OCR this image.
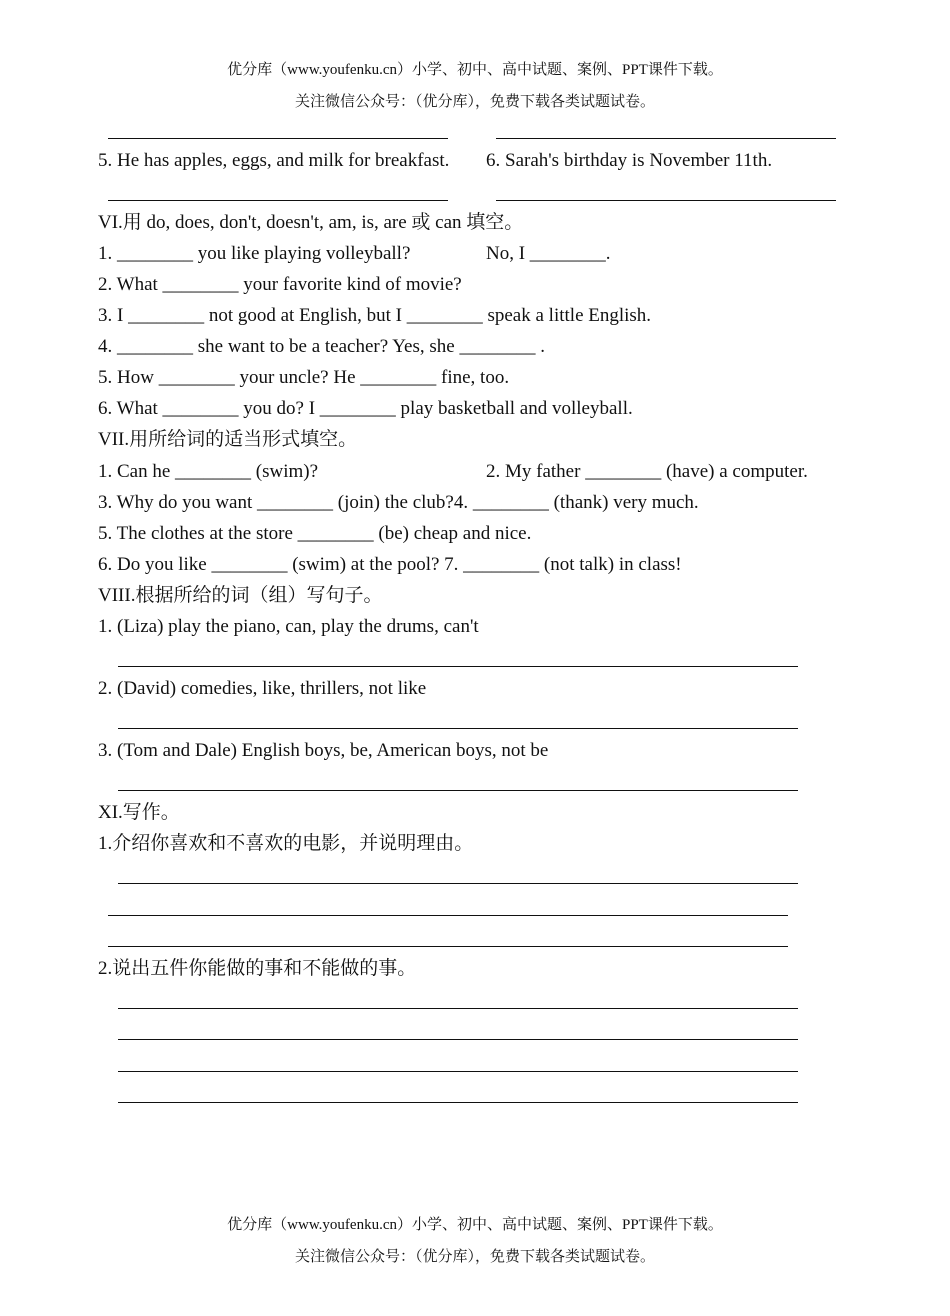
优分库（www.youfenku.cn）小学、初中、高中试题、案例、PPT课件下载。
关注微信公众号：（优分库），免费下载各类试题试卷。
5. He has apples, eggs, and milk for breakfast. 6. Sarah's birthday is November 11th.
VI.用 do, does, don't, doesn't, am, is, are 或 can 填空。
1. ________ you like playing volleyball?	No, I ________.
2. What ________ your favorite kind of movie?
3. I ________ not good at English, but I ________ speak a little English.
4. ________ she want to be a teacher? Yes, she ________ .
5. How ________ your uncle? He ________ fine, too.
6. What ________ you do? I ________ play basketball and volleyball.
VII.用所给词的适当形式填空。
1. Can he ________ (swim)?	2. My father ________ (have) a computer.
3. Why do you want ________ (join) the club?4. ________ (thank) very much.
5. The clothes at the store ________ (be) cheap and nice.
6. Do you like ________ (swim) at the pool? 7. ________ (not talk) in class!
VIII.根据所给的词（组）写句子。
1. (Liza) play the piano, can, play the drums, can't
2. (David) comedies, like, thrillers, not like
3. (Tom and Dale) English boys, be, American boys, not be
XI.写作。
1.介绍你喜欢和不喜欢的电影，并说明理由。
2.说出五件你能做的事和不能做的事。
优分库（www.youfenku.cn）小学、初中、高中试题、案例、PPT课件下载。
关注微信公众号：（优分库），免费下载各类试题试卷。
